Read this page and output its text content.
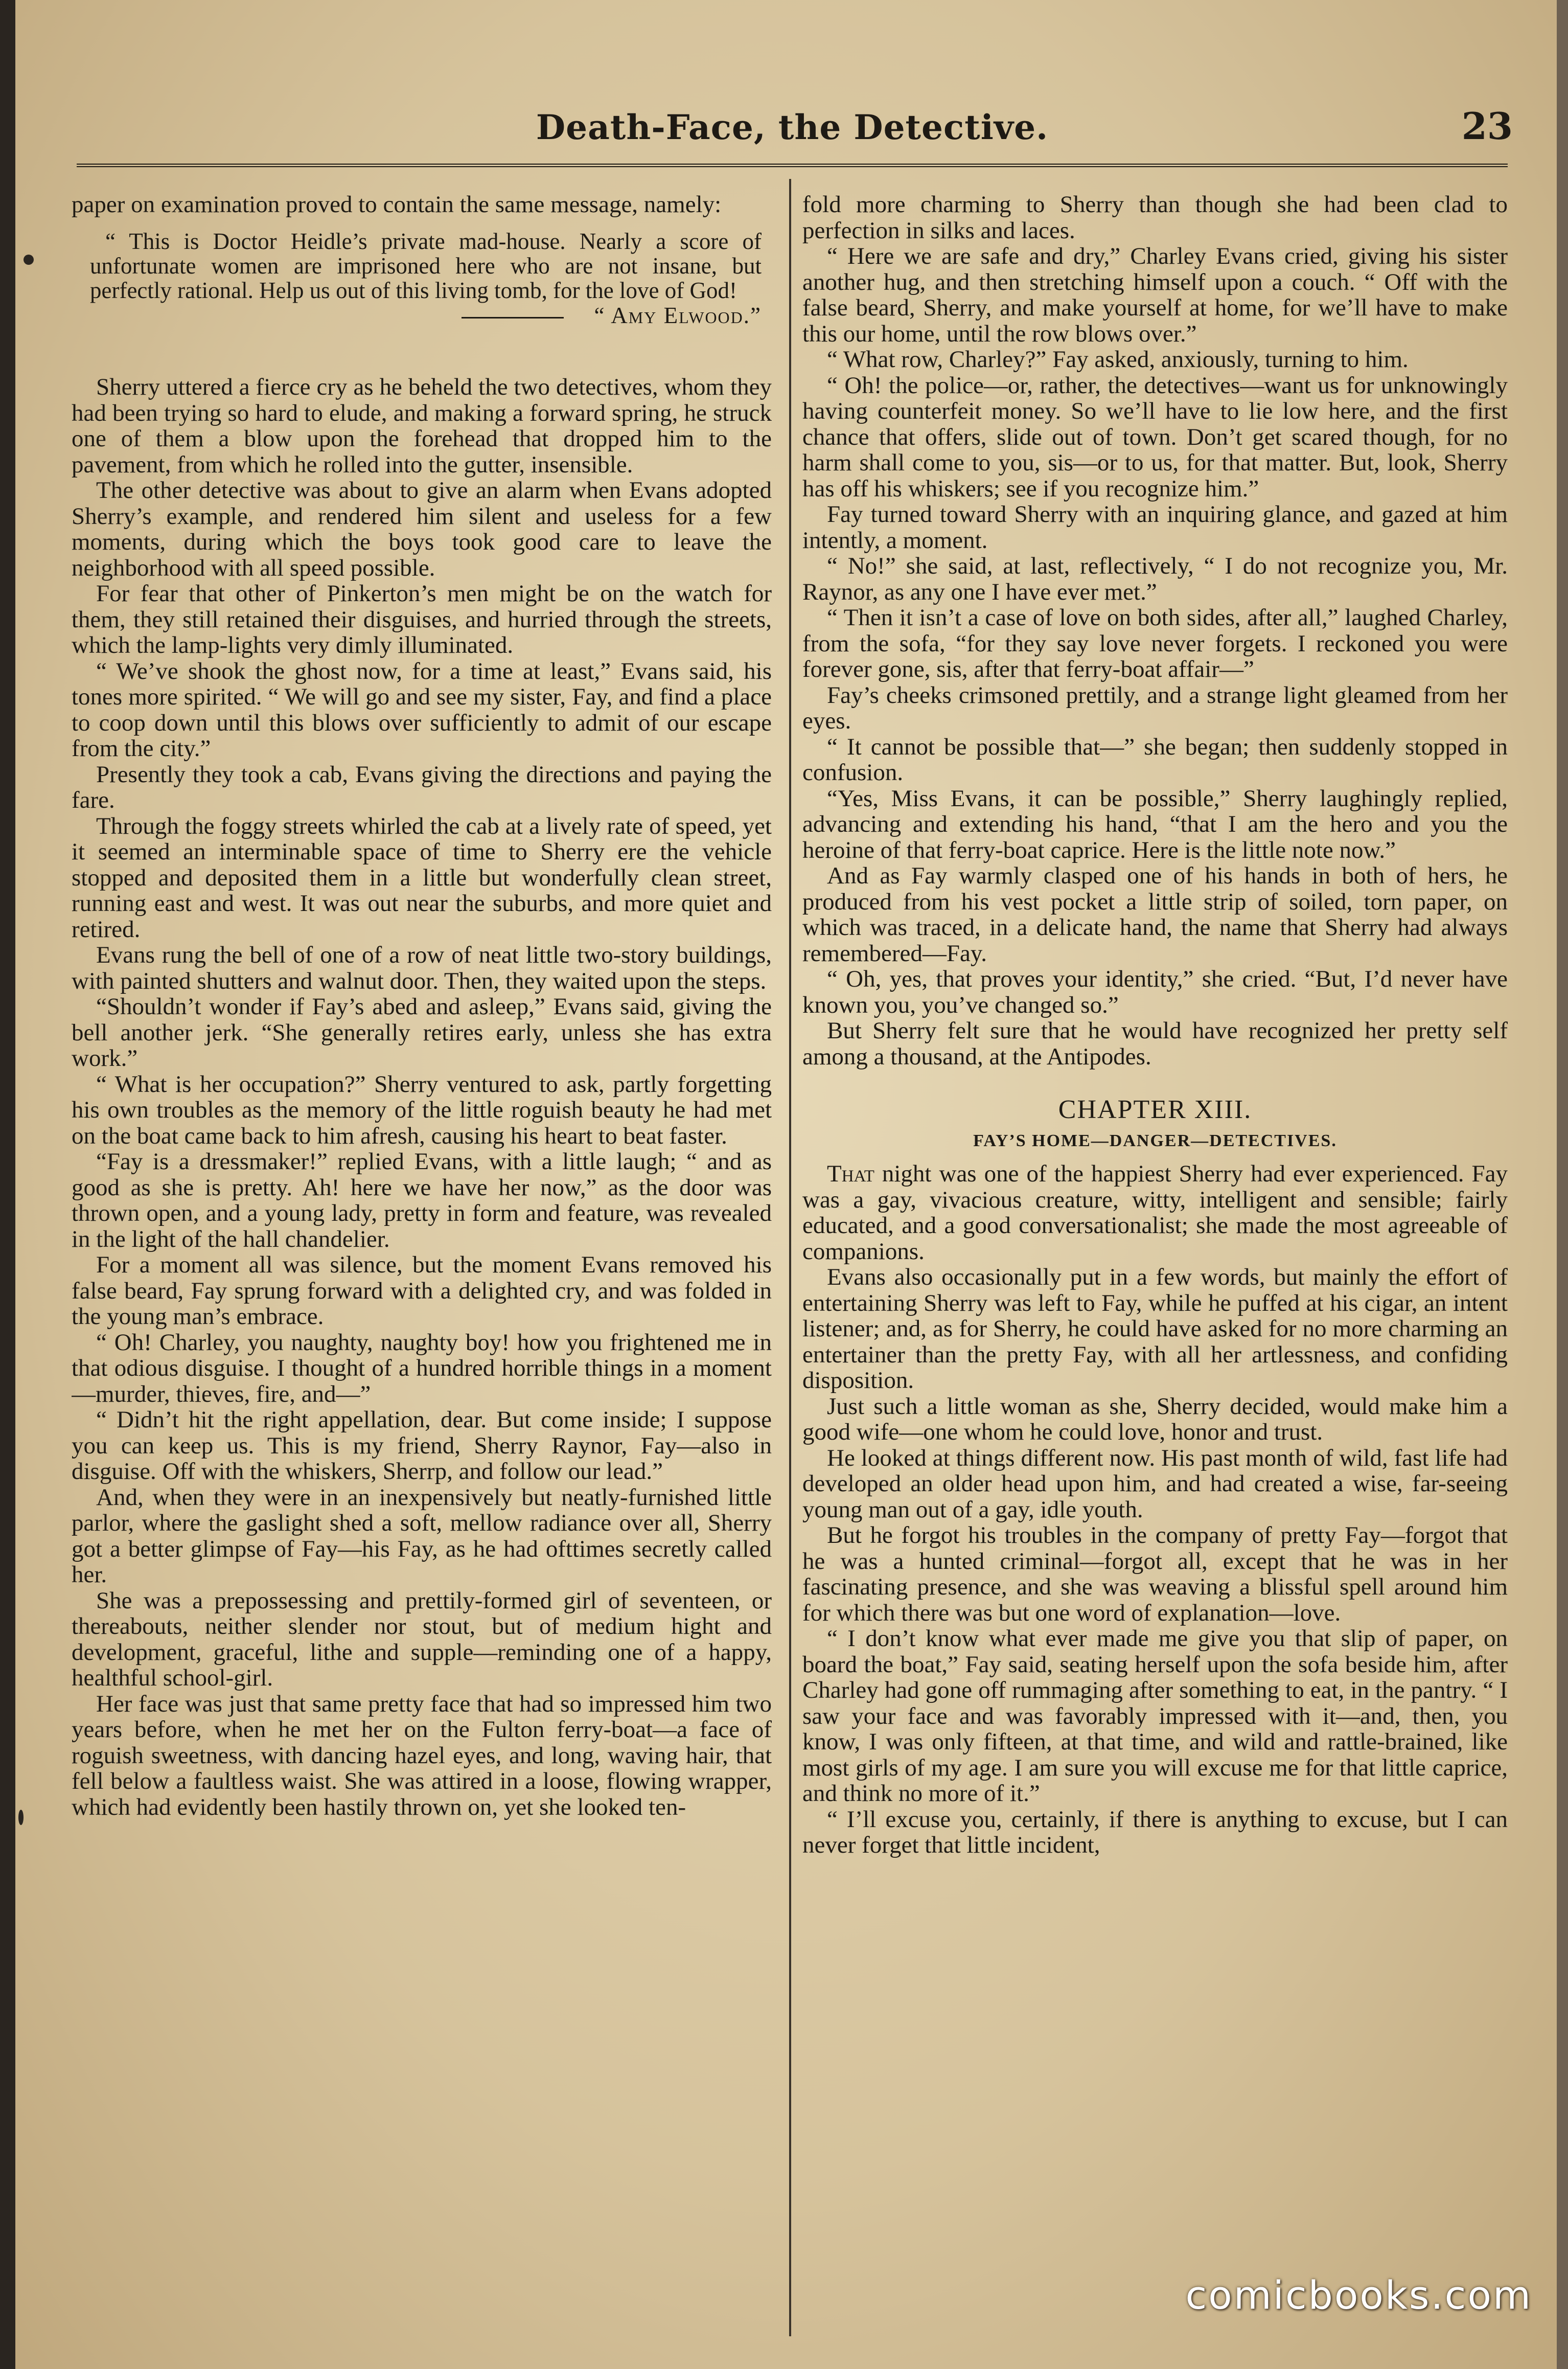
Death-Face, the Detective.	23

paper on examination proved to contain the same message, namely:

“ This is Doctor Heidle’s private mad-house. Nearly a score of unfortunate women are imprisoned here who are not insane, but perfectly rational. Help us out of this living tomb, for the love of God!

“ Amy Elwood.”

Sherry uttered a fierce cry as he beheld the two detectives, whom they had been trying so hard to elude, and making a forward spring, he struck one of them a blow upon the forehead that dropped him to the pavement, from which he rolled into the gutter, insensible.

The other detective was about to give an alarm when Evans adopted Sherry’s example, and rendered him silent and useless for a few moments, during which the boys took good care to leave the neighborhood with all speed possible.

For fear that other of Pinkerton’s men might be on the watch for them, they still retained their disguises, and hurried through the streets, which the lamp-lights very dimly illuminated.

“ We’ve shook the ghost now, for a time at least,” Evans said, his tones more spirited. “ We will go and see my sister, Fay, and find a place to coop down until this blows over sufficiently to admit of our escape from the city.”

Presently they took a cab, Evans giving the directions and paying the fare.

Through the foggy streets whirled the cab at a lively rate of speed, yet it seemed an interminable space of time to Sherry ere the vehicle stopped and deposited them in a little but wonderfully clean street, running east and west. It was out near the suburbs, and more quiet and retired.

Evans rung the bell of one of a row of neat little two-story buildings, with painted shutters and walnut door. Then, they waited upon the steps.

“Shouldn’t wonder if Fay’s abed and asleep,” Evans said, giving the bell another jerk. “She generally retires early, unless she has extra work.”

“ What is her occupation?” Sherry ventured to ask, partly forgetting his own troubles as the memory of the little roguish beauty he had met on the boat came back to him afresh, causing his heart to beat faster.

“Fay is a dressmaker!” replied Evans, with a little laugh; “ and as good as she is pretty. Ah! here we have her now,” as the door was thrown open, and a young lady, pretty in form and feature, was revealed in the light of the hall chandelier.

For a moment all was silence, but the moment Evans removed his false beard, Fay sprung forward with a delighted cry, and was folded in the young man’s embrace.

“ Oh! Charley, you naughty, naughty boy! how you frightened me in that odious disguise. I thought of a hundred horrible things in a moment—murder, thieves, fire, and—”

“ Didn’t hit the right appellation, dear. But come inside; I suppose you can keep us. This is my friend, Sherry Raynor, Fay—also in disguise. Off with the whiskers, Sherrp, and follow our lead.”

And, when they were in an inexpensively but neatly-furnished little parlor, where the gaslight shed a soft, mellow radiance over all, Sherry got a better glimpse of Fay—his Fay, as he had ofttimes secretly called her.

She was a prepossessing and prettily-formed girl of seventeen, or thereabouts, neither slender nor stout, but of medium hight and development, graceful, lithe and supple—reminding one of a happy, healthful school-girl.

Her face was just that same pretty face that had so impressed him two years before, when he met her on the Fulton ferry-boat—a face of roguish sweetness, with dancing hazel eyes, and long, waving hair, that fell below a faultless waist. She was attired in a loose, flowing wrapper, which had evidently been hastily thrown on, yet she looked ten-

fold more charming to Sherry than though she had been clad to perfection in silks and laces.

“ Here we are safe and dry,” Charley Evans cried, giving his sister another hug, and then stretching himself upon a couch. “ Off with the false beard, Sherry, and make yourself at home, for we’ll have to make this our home, until the row blows over.”

“ What row, Charley?” Fay asked, anxiously, turning to him.

“ Oh! the police—or, rather, the detectives—want us for unknowingly having counterfeit money. So we’ll have to lie low here, and the first chance that offers, slide out of town. Don’t get scared though, for no harm shall come to you, sis—or to us, for that matter. But, look, Sherry has off his whiskers; see if you recognize him.”

Fay turned toward Sherry with an inquiring glance, and gazed at him intently, a moment.

“ No!” she said, at last, reflectively, “ I do not recognize you, Mr. Raynor, as any one I have ever met.”

“ Then it isn’t a case of love on both sides, after all,” laughed Charley, from the sofa, “for they say love never forgets. I reckoned you were forever gone, sis, after that ferry-boat affair—”

Fay’s cheeks crimsoned prettily, and a strange light gleamed from her eyes.

“ It cannot be possible that—” she began; then suddenly stopped in confusion.

“Yes, Miss Evans, it can be possible,” Sherry laughingly replied, advancing and extending his hand, “that I am the hero and you the heroine of that ferry-boat caprice. Here is the little note now.”

And as Fay warmly clasped one of his hands in both of hers, he produced from his vest pocket a little strip of soiled, torn paper, on which was traced, in a delicate hand, the name that Sherry had always remembered—Fay.

“ Oh, yes, that proves your identity,” she cried. “But, I’d never have known you, you’ve changed so.”

But Sherry felt sure that he would have recognized her pretty self among a thousand, at the Antipodes.

CHAPTER XIII.
FAY’S HOME—DANGER—DETECTIVES.

That night was one of the happiest Sherry had ever experienced. Fay was a gay, vivacious creature, witty, intelligent and sensible; fairly educated, and a good conversationalist; she made the most agreeable of companions.

Evans also occasionally put in a few words, but mainly the effort of entertaining Sherry was left to Fay, while he puffed at his cigar, an intent listener; and, as for Sherry, he could have asked for no more charming an entertainer than the pretty Fay, with all her artlessness, and confiding disposition.

Just such a little woman as she, Sherry decided, would make him a good wife—one whom he could love, honor and trust.

He looked at things different now. His past month of wild, fast life had developed an older head upon him, and had created a wise, far-seeing young man out of a gay, idle youth.

But he forgot his troubles in the company of pretty Fay—forgot that he was a hunted criminal—forgot all, except that he was in her fascinating presence, and she was weaving a blissful spell around him for which there was but one word of explanation—love.

“ I don’t know what ever made me give you that slip of paper, on board the boat,” Fay said, seating herself upon the sofa beside him, after Charley had gone off rummaging after something to eat, in the pantry. “ I saw your face and was favorably impressed with it—and, then, you know, I was only fifteen, at that time, and wild and rattle-brained, like most girls of my age. I am sure you will excuse me for that little caprice, and think no more of it.”

“ I’ll excuse you, certainly, if there is anything to excuse, but I can never forget that little incident,

comicbooks.com
